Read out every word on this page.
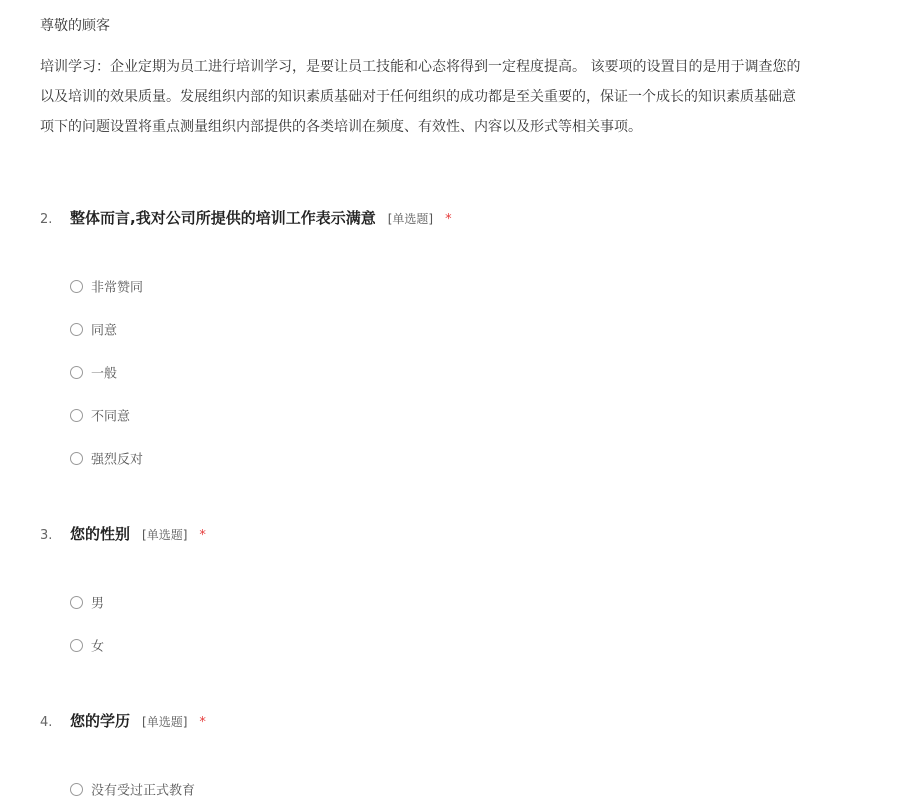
尊敬的顾客
培训学习：企业定期为员工进行培训学习，是要让员工技能和心态将得到一定程度提高。 该要项的设置目的是用于调查您的
以及培训的效果质量。发展组织内部的知识素质基础对于任何组织的成功都是至关重要的，保证一个成长的知识素质基础意
项下的问题设置将重点测量组织内部提供的各类培训在频度、有效性、内容以及形式等相关事项。
2. 整体而言,我对公司所提供的培训工作表示满意 [单选题] *
非常赞同
同意
一般
不同意
强烈反对
3. 您的性别 [单选题] *
男
女
4. 您的学历 [单选题] *
没有受过正式教育
